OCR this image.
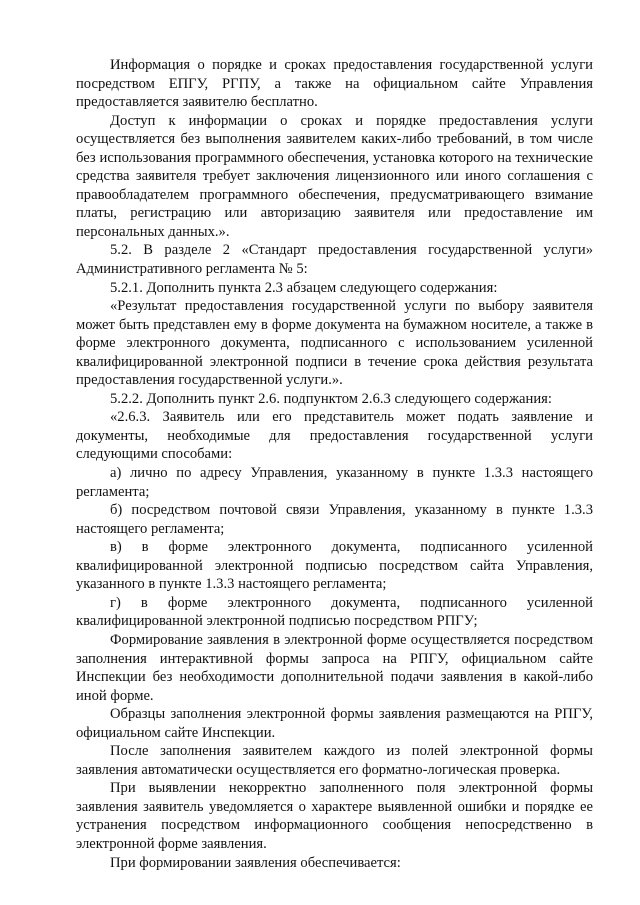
Информация о порядке и сроках предоставления государственной услуги посредством ЕПГУ, РГПУ, а также на официальном сайте Управления предоставляется заявителю бесплатно.

Доступ к информации о сроках и порядке предоставления услуги осуществляется без выполнения заявителем каких-либо требований, в том числе без использования программного обеспечения, установка которого на технические средства заявителя требует заключения лицензионного или иного соглашения с правообладателем программного обеспечения, предусматривающего взимание платы, регистрацию или авторизацию заявителя или предоставление им персональных данных.».

5.2. В разделе 2 «Стандарт предоставления государственной услуги» Административного регламента № 5:

5.2.1. Дополнить пункта 2.3 абзацем следующего содержания:

«Результат предоставления государственной услуги по выбору заявителя может быть представлен ему в форме документа на бумажном носителе, а также в форме электронного документа, подписанного с использованием усиленной квалифицированной электронной подписи в течение срока действия результата предоставления государственной услуги.».

5.2.2. Дополнить пункт 2.6. подпунктом 2.6.3 следующего содержания:

«2.6.3. Заявитель или его представитель может подать заявление и документы, необходимые для предоставления государственной услуги следующими способами:

а) лично по адресу Управления, указанному в пункте 1.3.3 настоящего регламента;

б) посредством почтовой связи Управления, указанному в пункте 1.3.3 настоящего регламента;

в) в форме электронного документа, подписанного усиленной квалифицированной электронной подписью посредством сайта Управления, указанного в пункте 1.3.3 настоящего регламента;

г) в форме электронного документа, подписанного усиленной квалифицированной электронной подписью посредством РПГУ;

Формирование заявления в электронной форме осуществляется посредством заполнения интерактивной формы запроса на РПГУ, официальном сайте Инспекции без необходимости дополнительной подачи заявления в какой-либо иной форме.

Образцы заполнения электронной формы заявления размещаются на РПГУ, официальном сайте Инспекции.

После заполнения заявителем каждого из полей электронной формы заявления автоматически осуществляется его форматно-логическая проверка.

При выявлении некорректно заполненного поля электронной формы заявления заявитель уведомляется о характере выявленной ошибки и порядке ее устранения посредством информационного сообщения непосредственно в электронной форме заявления.

При формировании заявления обеспечивается:
